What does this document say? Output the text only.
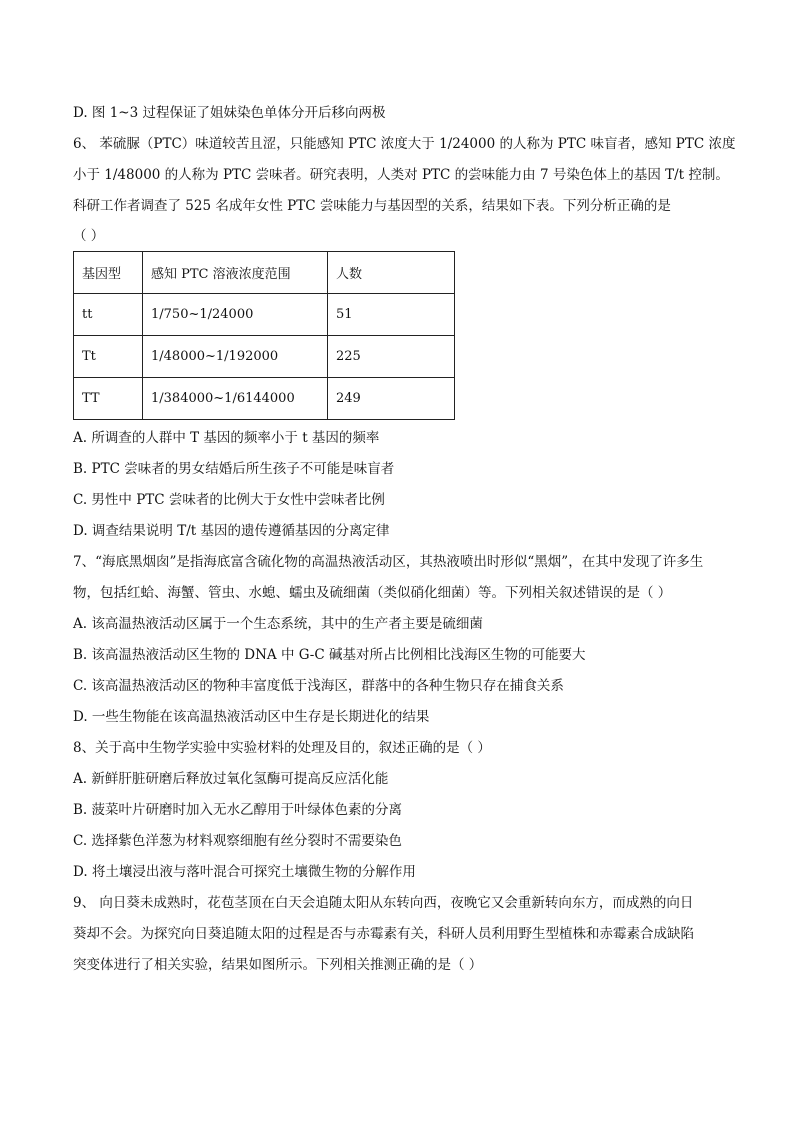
D. 图 1~3 过程保证了姐妹染色单体分开后移向两极
6、 苯硫脲（PTC）味道较苦且涩，只能感知 PTC 浓度大于 1/24000 的人称为 PTC 味盲者，感知 PTC 浓度
小于 1/48000 的人称为 PTC 尝味者。研究表明，人类对 PTC 的尝味能力由 7 号染色体上的基因 T/t 控制。
科研工作者调查了 525 名成年女性 PTC 尝味能力与基因型的关系，结果如下表。下列分析正确的是
（ ）
基因型	感知 PTC 溶液浓度范围	人数
tt	1/750~1/24000	51
Tt	1/48000~1/192000	225
TT	1/384000~1/6144000	249
A. 所调查的人群中 T 基因的频率小于 t 基因的频率
B. PTC 尝味者的男女结婚后所生孩子不可能是味盲者
C. 男性中 PTC 尝味者的比例大于女性中尝味者比例
D. 调查结果说明 T/t 基因的遗传遵循基因的分离定律
7、“海底黑烟囱”是指海底富含硫化物的高温热液活动区，其热液喷出时形似“黑烟”，在其中发现了许多生
物，包括红蛤、海蟹、管虫、水螅、蠕虫及硫细菌（类似硝化细菌）等。下列相关叙述错误的是（ ）
A. 该高温热液活动区属于一个生态系统，其中的生产者主要是硫细菌
B. 该高温热液活动区生物的 DNA 中 G-C 碱基对所占比例相比浅海区生物的可能要大
C. 该高温热液活动区的物种丰富度低于浅海区，群落中的各种生物只存在捕食关系
D. 一些生物能在该高温热液活动区中生存是长期进化的结果
8、关于高中生物学实验中实验材料的处理及目的，叙述正确的是（ ）
A. 新鲜肝脏研磨后释放过氧化氢酶可提高反应活化能
B. 菠菜叶片研磨时加入无水乙醇用于叶绿体色素的分离
C. 选择紫色洋葱为材料观察细胞有丝分裂时不需要染色
D. 将土壤浸出液与落叶混合可探究土壤微生物的分解作用
9、 向日葵未成熟时，花苞茎顶在白天会追随太阳从东转向西，夜晚它又会重新转向东方，而成熟的向日
葵却不会。为探究向日葵追随太阳的过程是否与赤霉素有关，科研人员利用野生型植株和赤霉素合成缺陷
突变体进行了相关实验，结果如图所示。下列相关推测正确的是（ ）
